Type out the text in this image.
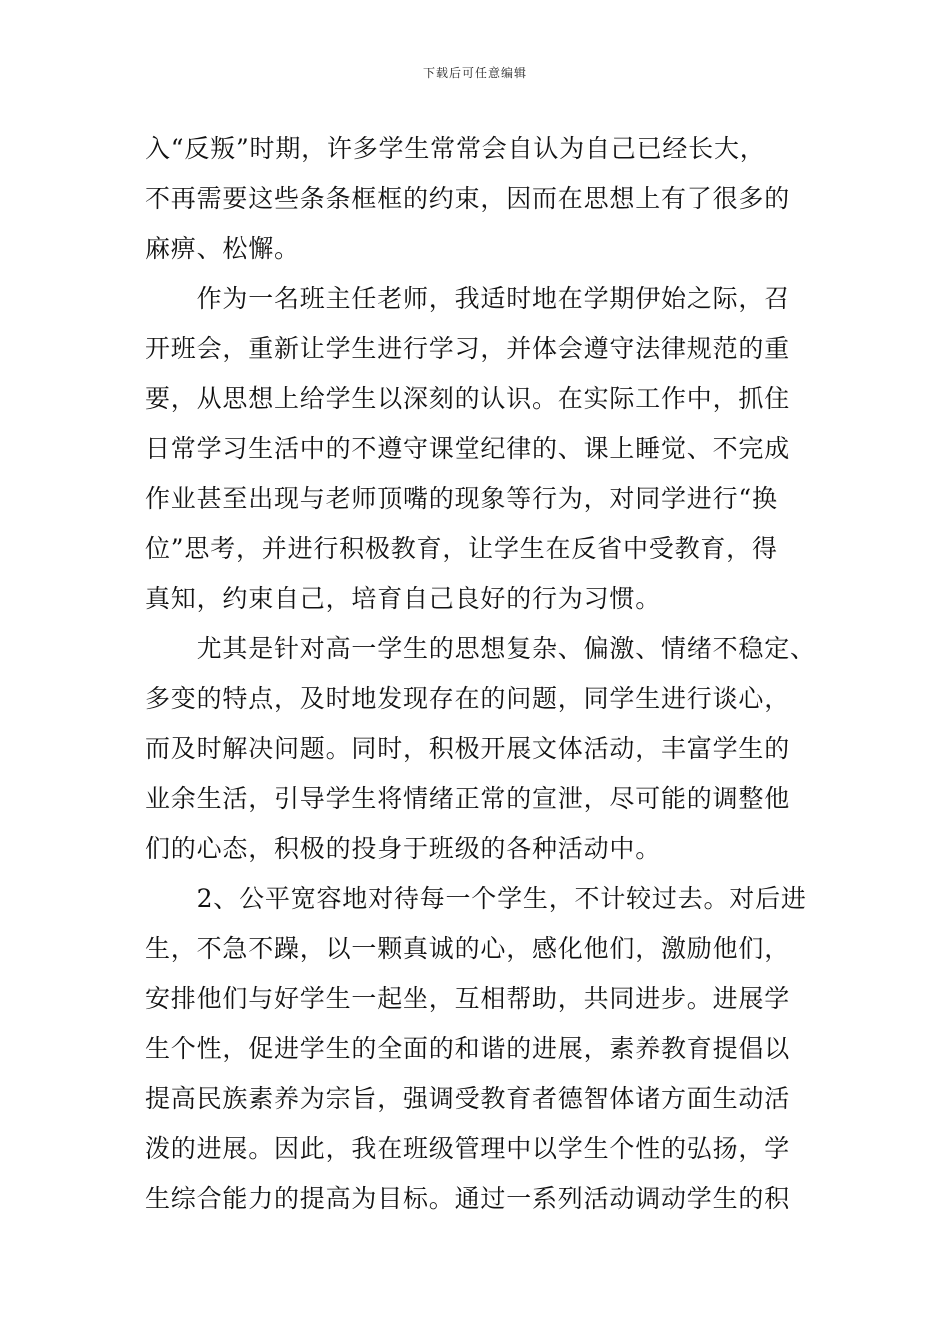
下载后可任意编辑
入“反叛”时期，许多学生常常会自认为自己已经长大，
不再需要这些条条框框的约束，因而在思想上有了很多的
麻痹、松懈。
　　作为一名班主任老师，我适时地在学期伊始之际，召
开班会，重新让学生进行学习，并体会遵守法律规范的重
要，从思想上给学生以深刻的认识。在实际工作中，抓住
日常学习生活中的不遵守课堂纪律的、课上睡觉、不完成
作业甚至出现与老师顶嘴的现象等行为，对同学进行“换
位”思考，并进行积极教育，让学生在反省中受教育，得
真知，约束自己，培育自己良好的行为习惯。
　　尤其是针对高一学生的思想复杂、偏激、情绪不稳定、
多变的特点，及时地发现存在的问题，同学生进行谈心，
而及时解决问题。同时，积极开展文体活动，丰富学生的
业余生活，引导学生将情绪正常的宣泄，尽可能的调整他
们的心态，积极的投身于班级的各种活动中。
　　2、公平宽容地对待每一个学生，不计较过去。对后进
生，不急不躁，以一颗真诚的心，感化他们，激励他们，
安排他们与好学生一起坐，互相帮助，共同进步。进展学
生个性，促进学生的全面的和谐的进展，素养教育提倡以
提高民族素养为宗旨，强调受教育者德智体诸方面生动活
泼的进展。因此，我在班级管理中以学生个性的弘扬，学
生综合能力的提高为目标。通过一系列活动调动学生的积
